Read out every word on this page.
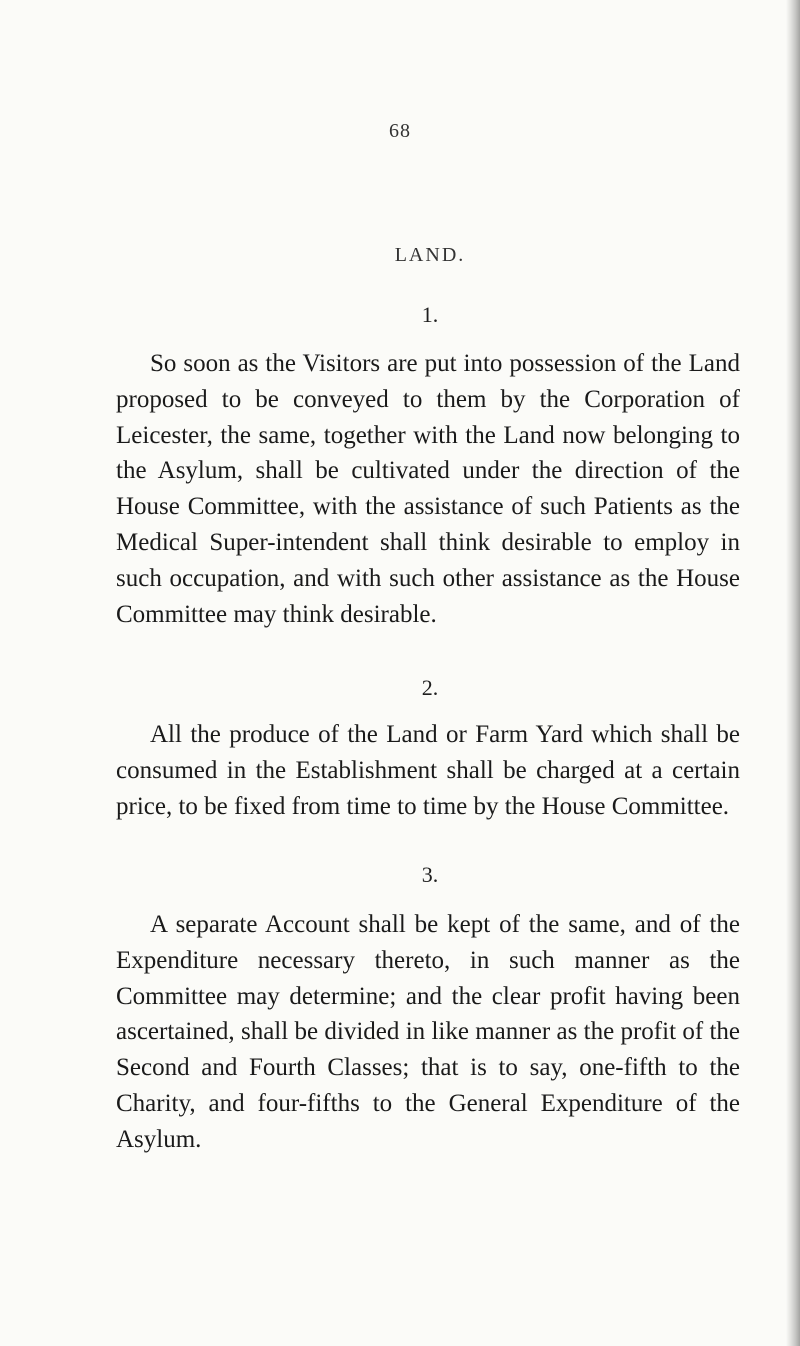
68
LAND.
1.

So soon as the Visitors are put into possession of the Land proposed to be conveyed to them by the Corporation of Leicester, the same, together with the Land now belonging to the Asylum, shall be cultivated under the direction of the House Committee, with the assistance of such Patients as the Medical Super-intendent shall think desirable to employ in such occupation, and with such other assistance as the House Committee may think desirable.

2.

All the produce of the Land or Farm Yard which shall be consumed in the Establishment shall be charged at a certain price, to be fixed from time to time by the House Committee.

3.

A separate Account shall be kept of the same, and of the Expenditure necessary thereto, in such manner as the Committee may determine; and the clear profit having been ascertained, shall be divided in like manner as the profit of the Second and Fourth Classes; that is to say, one-fifth to the Charity, and four-fifths to the General Expenditure of the Asylum.
